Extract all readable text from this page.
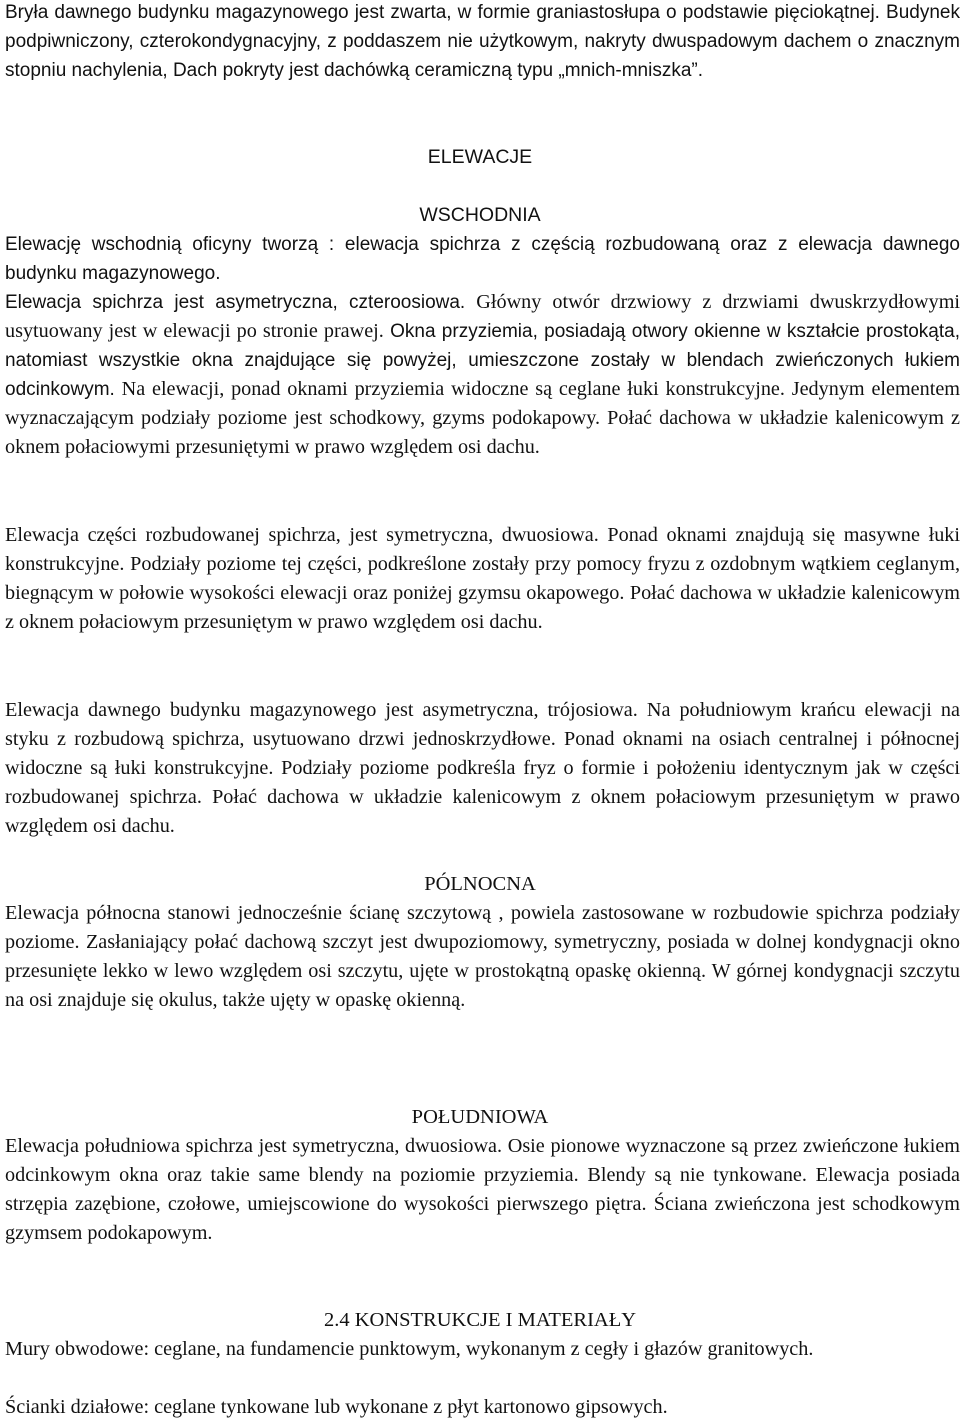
Bryła dawnego budynku magazynowego jest zwarta, w formie graniastosłupa o podstawie pięciokątnej. Budynek podpiwniczony, czterokondygnacyjny, z poddaszem nie użytkowym, nakryty dwuspadowym dachem o znacznym stopniu nachylenia, Dach pokryty jest dachówką ceramiczną typu „mnich-mniszka”.

ELEWACJE

WSCHODNIA

Elewację wschodnią oficyny tworzą : elewacja spichrza z częścią rozbudowaną oraz z elewacja dawnego budynku magazynowego.

Elewacja spichrza jest asymetryczna, czteroosiowa. Główny otwór drzwiowy z drzwiami dwuskrzydłowymi usytuowany jest w elewacji po stronie prawej. Okna przyziemia, posiadają otwory okienne w kształcie prostokąta, natomiast wszystkie okna znajdujące się powyżej, umieszczone zostały w blendach zwieńczonych łukiem odcinkowym. Na elewacji, ponad oknami przyziemia widoczne są ceglane łuki konstrukcyjne. Jedynym elementem wyznaczającym podziały poziome jest schodkowy, gzyms podokapowy. Połać dachowa w układzie kalenicowym z oknem połaciowymi przesuniętymi w prawo względem osi dachu.

Elewacja części rozbudowanej spichrza, jest symetryczna, dwuosiowa. Ponad oknami znajdują się masywne łuki konstrukcyjne. Podziały poziome tej części, podkreślone zostały przy pomocy fryzu z ozdobnym wątkiem ceglanym, biegnącym w połowie wysokości elewacji oraz poniżej gzymsu okapowego. Połać dachowa w układzie kalenicowym z oknem połaciowym przesuniętym w prawo względem osi dachu.

Elewacja dawnego budynku magazynowego jest asymetryczna, trójosiowa. Na południowym krańcu elewacji na styku z rozbudową spichrza, usytuowano drzwi jednoskrzydłowe. Ponad oknami na osiach centralnej i północnej widoczne są łuki konstrukcyjne. Podziały poziome podkreśla fryz o formie i położeniu identycznym jak w części rozbudowanej spichrza. Połać dachowa w układzie kalenicowym z oknem połaciowym przesuniętym w prawo względem osi dachu.

PÓLNOCNA

Elewacja północna stanowi jednocześnie ścianę szczytową , powiela zastosowane w rozbudowie spichrza podziały poziome. Zasłaniający połać dachową szczyt jest dwupoziomowy, symetryczny, posiada w dolnej kondygnacji okno przesunięte lekko w lewo względem osi szczytu, ujęte w prostokątną opaskę okienną. W górnej kondygnacji szczytu na osi znajduje się okulus, także ujęty w opaskę okienną.

POŁUDNIOWA

Elewacja południowa spichrza jest symetryczna, dwuosiowa. Osie pionowe wyznaczone są przez zwieńczone łukiem odcinkowym okna oraz takie same blendy na poziomie przyziemia. Blendy są nie tynkowane. Elewacja posiada strzępia zazębione, czołowe, umiejscowione do wysokości pierwszego piętra. Ściana zwieńczona jest schodkowym gzymsem podokapowym.

2.4 KONSTRUKCJE I MATERIAŁY

Mury obwodowe: ceglane, na fundamencie punktowym, wykonanym z cegły i głazów granitowych.

Ścianki działowe: ceglane tynkowane lub wykonane z płyt kartonowo gipsowych.
